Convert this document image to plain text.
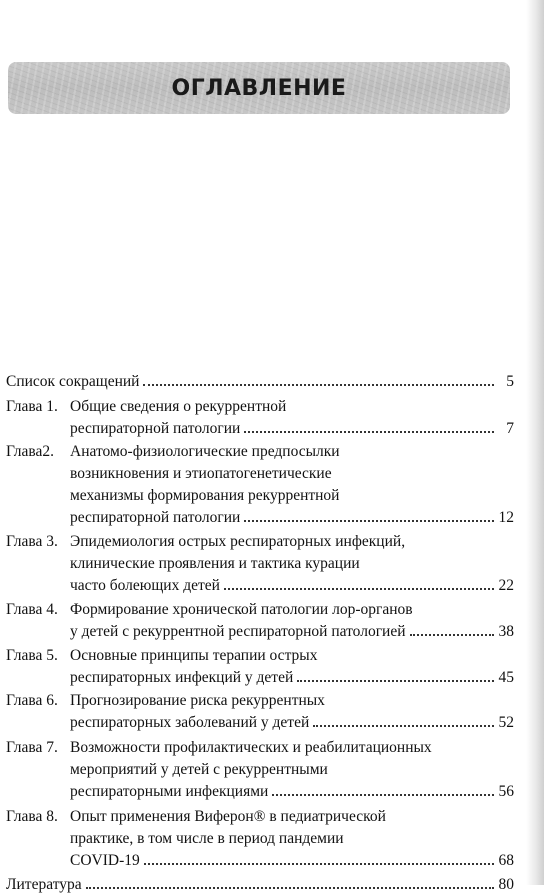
ОГЛАВЛЕНИЕ
Список сокращений	5
Глава 1. Общие сведения о рекуррентной
респираторной патологии	7
Глава2.	Анатомо-физиологические предпосылки
возникновения и этиопатогенетические
механизмы формирования рекуррентной
респираторной патологии	12
Глава 3. Эпидемиология острых респираторных инфекций,
клинические проявления и тактика курации
часто болеющих детей	22
Глава 4. Формирование хронической патологии лор-органов
у детей с рекуррентной респираторной патологией	38
Глава 5. Основные принципы терапии острых
респираторных инфекций у детей	45
Глава 6. Прогнозирование риска рекуррентных
респираторных заболеваний у детей	52
Глава 7. Возможности профилактических и реабилитационных
мероприятий у детей с рекуррентными
респираторными инфекциями	56
Глава 8. Опыт применения Виферон® в педиатрической
практике, в том числе в период пандемии
COVID-19	68
Литература	80
